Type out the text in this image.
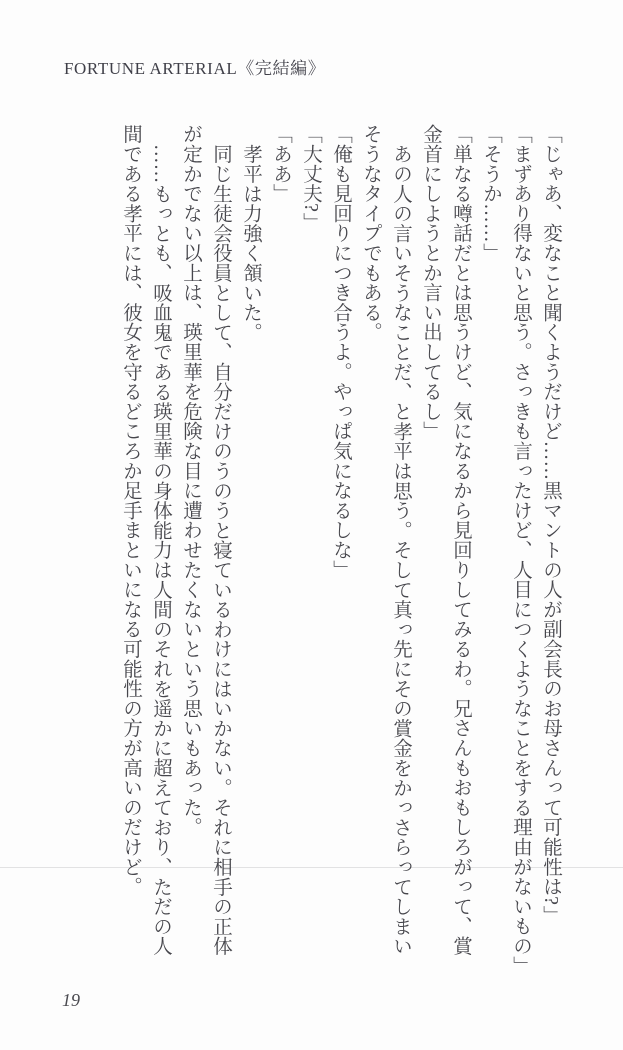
FORTUNE ARTERIAL《完結編》
「じゃあ、変なこと聞くようだけど……黒マントの人が副会長のお母さんって可能性は?」
「まずあり得ないと思う。さっきも言ったけど、人目につくようなことをする理由がないもの」
「そうか……」
「単なる噂話だとは思うけど、気になるから見回りしてみるわ。兄さんもおもしろがって、賞
金首にしようとか言い出してるし」
あの人の言いそうなことだ、と孝平は思う。そして真っ先にその賞金をかっさらってしまい
そうなタイプでもある。
「俺も見回りにつき合うよ。やっぱ気になるしな」
「大丈夫?」
「ああ」
孝平は力強く頷いた。
同じ生徒会役員として、自分だけのうのうと寝ているわけにはいかない。それに相手の正体
が定かでない以上は、瑛里華を危険な目に遭わせたくないという思いもあった。
……もっとも、吸血鬼である瑛里華の身体能力は人間のそれを遥かに超えており、ただの人
間である孝平には、彼女を守るどころか足手まといになる可能性の方が高いのだけど。
19
